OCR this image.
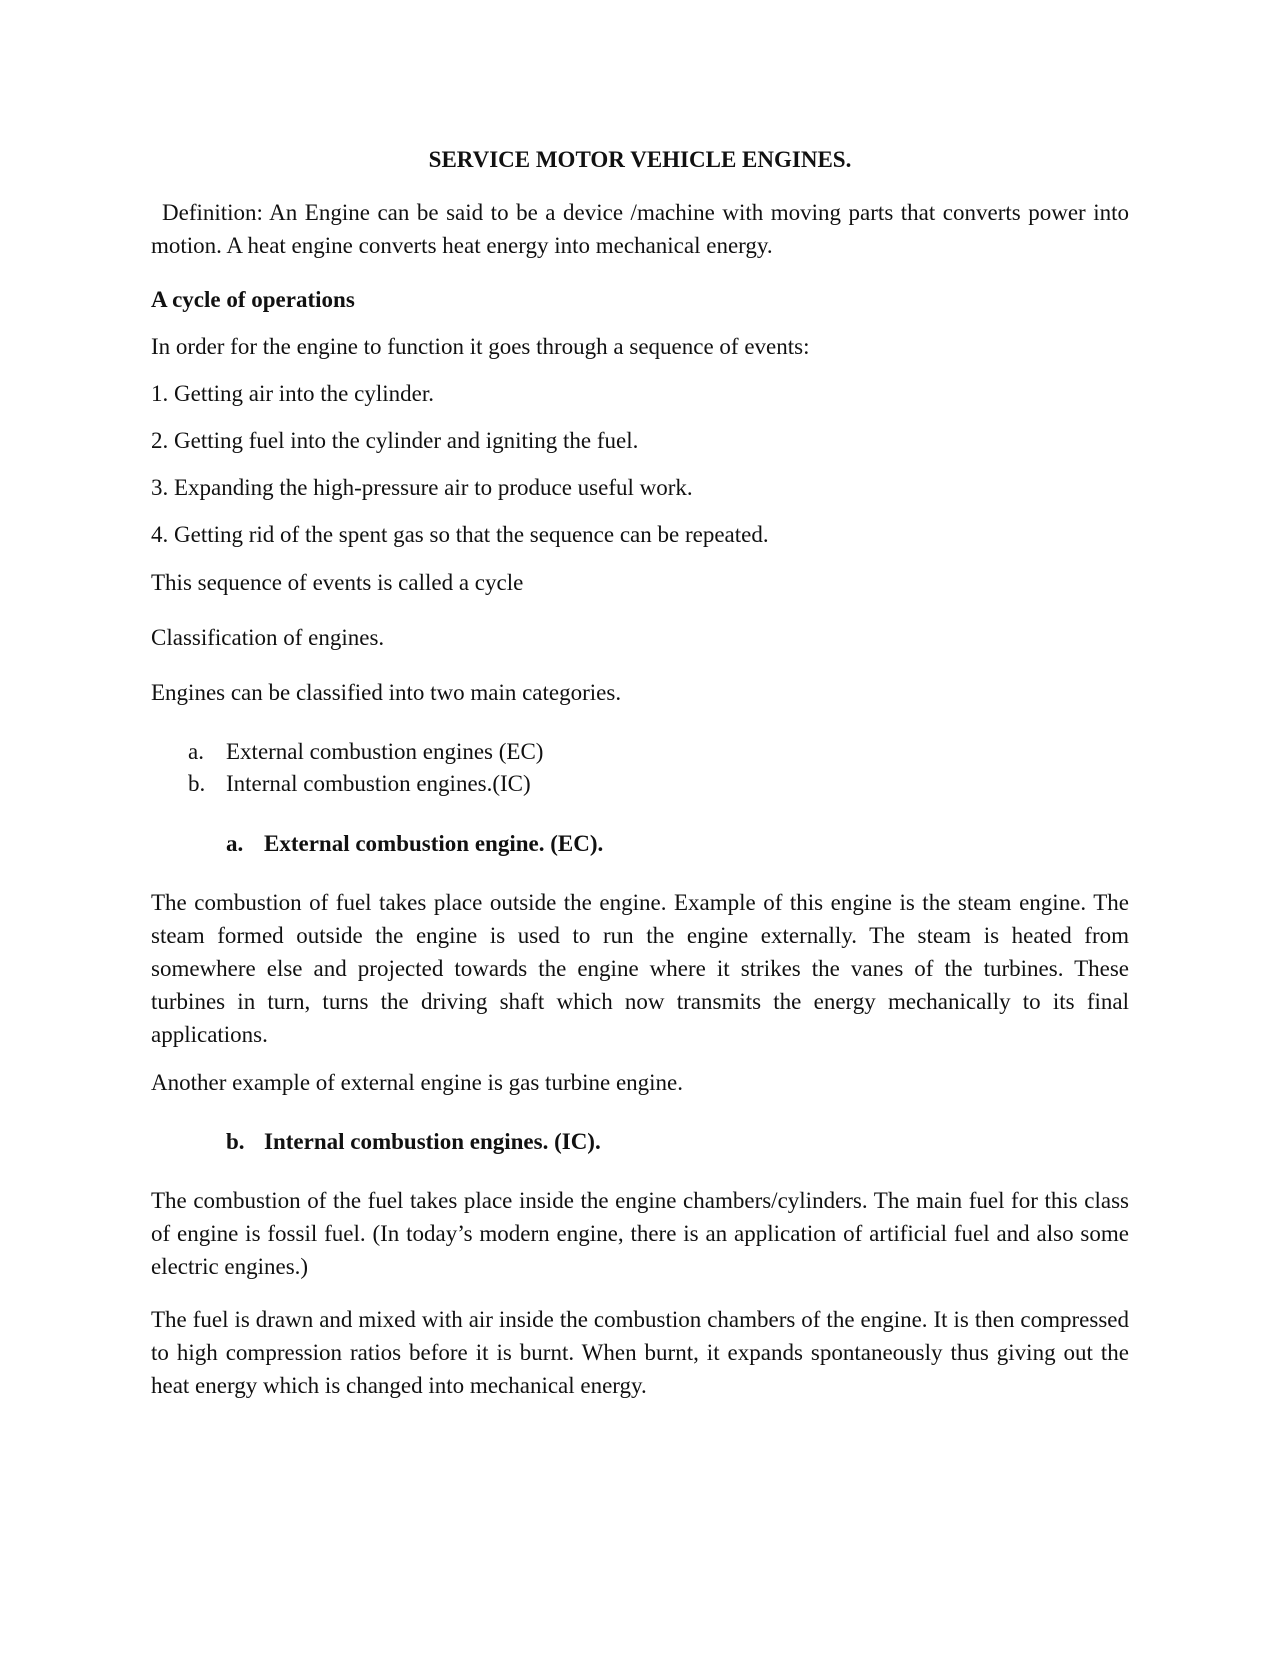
SERVICE MOTOR VEHICLE ENGINES.

Definition: An Engine can be said to be a device /machine with moving parts that converts power into motion. A heat engine converts heat energy into mechanical energy.

A cycle of operations
In order for the engine to function it goes through a sequence of events:
1. Getting air into the cylinder.
2. Getting fuel into the cylinder and igniting the fuel.
3. Expanding the high-pressure air to produce useful work.
4. Getting rid of the spent gas so that the sequence can be repeated.
This sequence of events is called a cycle
Classification of engines.
Engines can be classified into two main categories.
a. External combustion engines (EC)
b. Internal combustion engines.(IC)
a. External combustion engine. (EC).

The combustion of fuel takes place outside the engine. Example of this engine is the steam engine. The steam formed outside the engine is used to run the engine externally. The steam is heated from somewhere else and projected towards the engine where it strikes the vanes of the turbines. These turbines in turn, turns the driving shaft which now transmits the energy mechanically to its final applications.

Another example of external engine is gas turbine engine.
b. Internal combustion engines. (IC).

The combustion of the fuel takes place inside the engine chambers/cylinders. The main fuel for this class of engine is fossil fuel. (In today’s modern engine, there is an application of artificial fuel and also some electric engines.)

The fuel is drawn and mixed with air inside the combustion chambers of the engine. It is then compressed to high compression ratios before it is burnt. When burnt, it expands spontaneously thus giving out the heat energy which is changed into mechanical energy.
